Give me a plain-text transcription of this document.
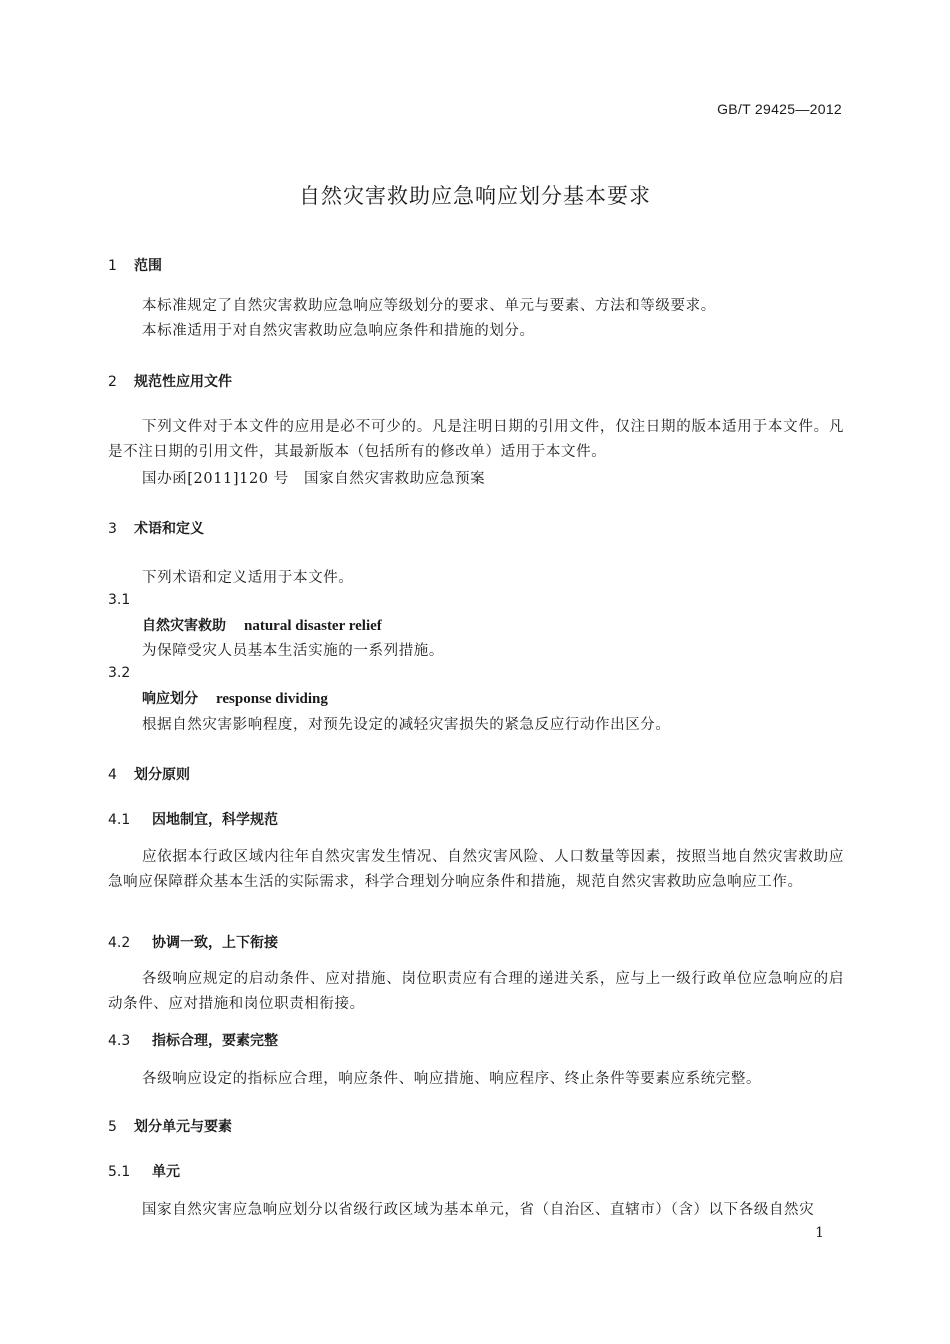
GB/T 29425—2012
自然灾害救助应急响应划分基本要求
1 范围
本标准规定了自然灾害救助应急响应等级划分的要求、单元与要素、方法和等级要求。
本标准适用于对自然灾害救助应急响应条件和措施的划分。
2 规范性应用文件
下列文件对于本文件的应用是必不可少的。凡是注明日期的引用文件，仅注日期的版本适用于本文件。凡是不注日期的引用文件，其最新版本（包括所有的修改单）适用于本文件。
国办函[2011]120 号　国家自然灾害救助应急预案
3 术语和定义
下列术语和定义适用于本文件。
3.1
自然灾害救助 natural disaster relief
为保障受灾人员基本生活实施的一系列措施。
3.2
响应划分 response dividing
根据自然灾害影响程度，对预先设定的减轻灾害损失的紧急反应行动作出区分。
4 划分原则
4.1 因地制宜，科学规范
应依据本行政区域内往年自然灾害发生情况、自然灾害风险、人口数量等因素，按照当地自然灾害救助应急响应保障群众基本生活的实际需求，科学合理划分响应条件和措施，规范自然灾害救助应急响应工作。
4.2 协调一致，上下衔接
各级响应规定的启动条件、应对措施、岗位职责应有合理的递进关系，应与上一级行政单位应急响应的启动条件、应对措施和岗位职责相衔接。
4.3 指标合理，要素完整
各级响应设定的指标应合理，响应条件、响应措施、响应程序、终止条件等要素应系统完整。
5 划分单元与要素
5.1 单元
国家自然灾害应急响应划分以省级行政区域为基本单元，省（自治区、直辖市）（含）以下各级自然灾
1
